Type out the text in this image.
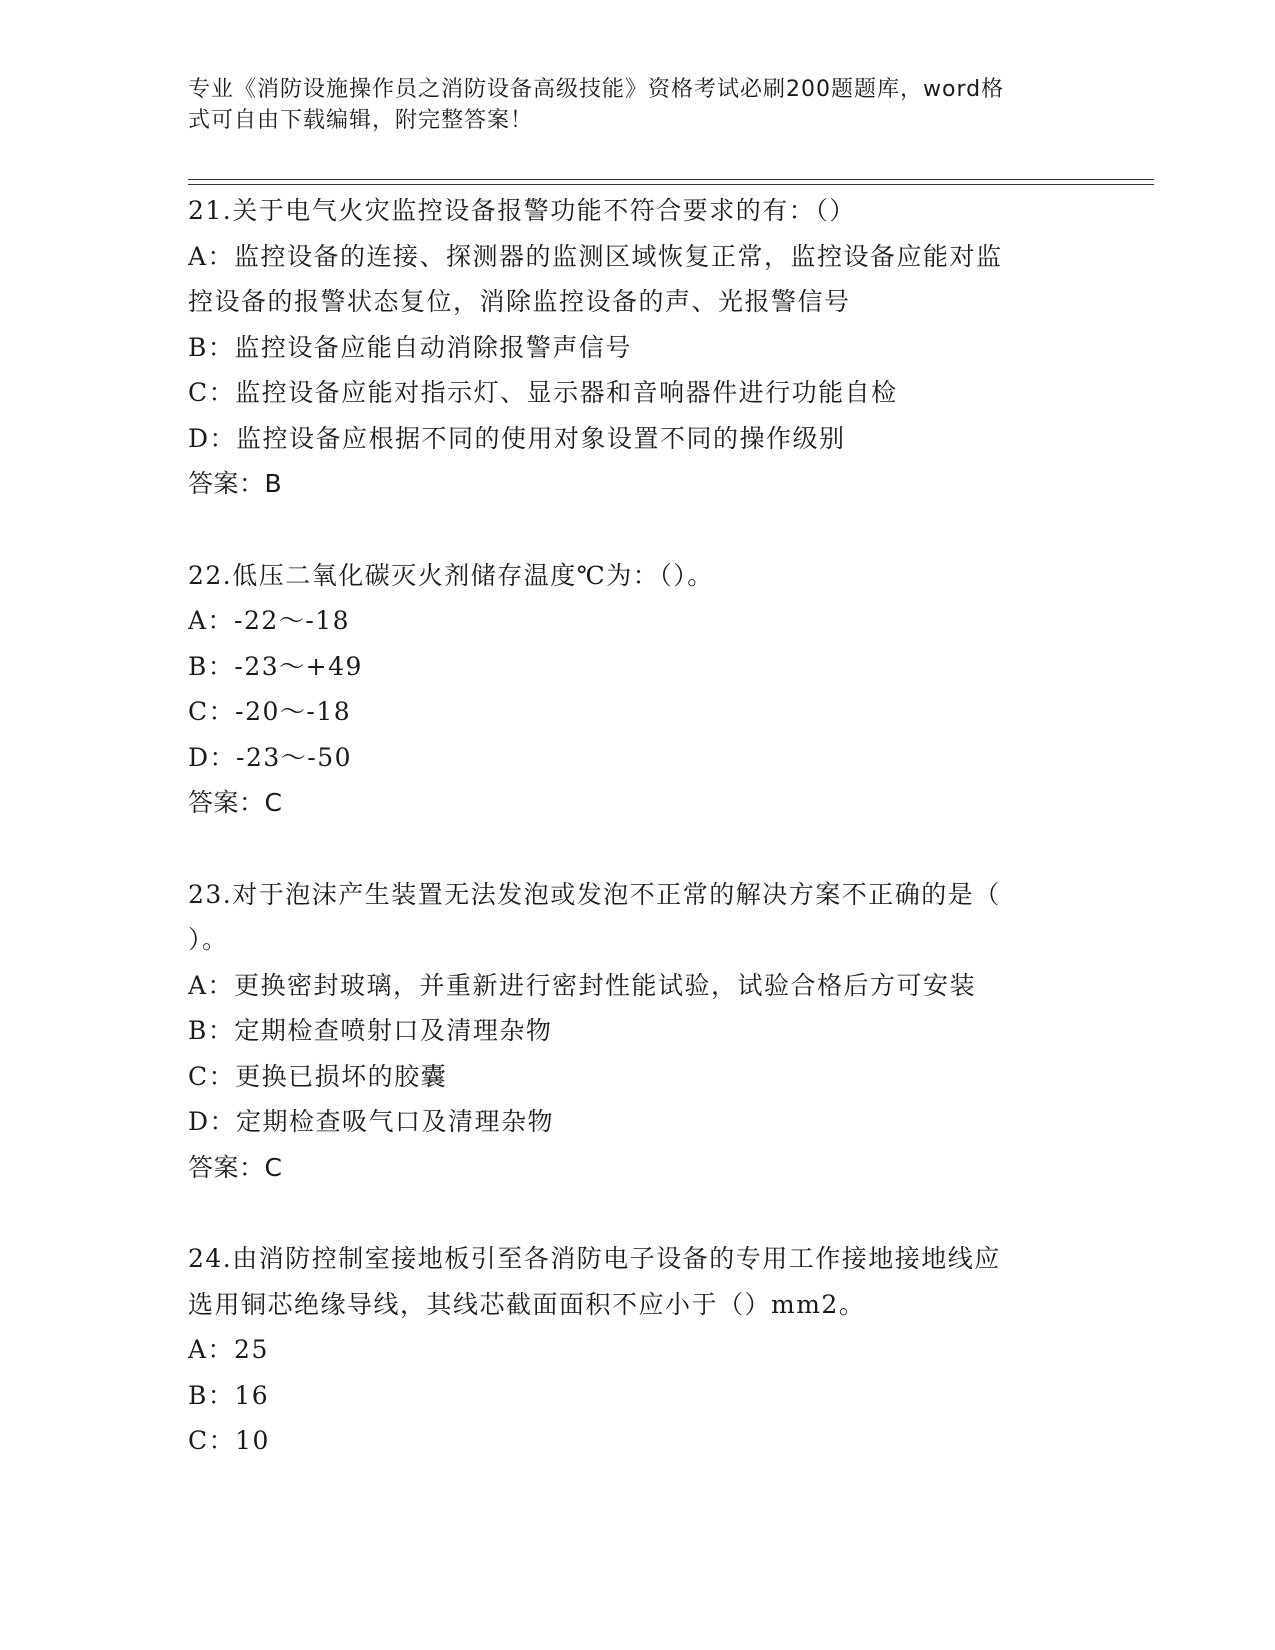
专业《消防设施操作员之消防设备高级技能》资格考试必刷200题题库，word格
式可自由下载编辑，附完整答案！
21.关于电气火灾监控设备报警功能不符合要求的有：（）
A：监控设备的连接、探测器的监测区域恢复正常，监控设备应能对监
控设备的报警状态复位，消除监控设备的声、光报警信号
B：监控设备应能自动消除报警声信号
C：监控设备应能对指示灯、显示器和音响器件进行功能自检
D：监控设备应根据不同的使用对象设置不同的操作级别
答案：B
22.低压二氧化碳灭火剂储存温度℃为：（）。
A：-22～-18
B：-23～+49
C：-20～-18
D：-23～-50
答案：C
23.对于泡沫产生装置无法发泡或发泡不正常的解决方案不正确的是（
）。
A：更换密封玻璃，并重新进行密封性能试验，试验合格后方可安装
B：定期检查喷射口及清理杂物
C：更换已损坏的胶囊
D：定期检查吸气口及清理杂物
答案：C
24.由消防控制室接地板引至各消防电子设备的专用工作接地接地线应
选用铜芯绝缘导线，其线芯截面面积不应小于（）mm2。
A：25
B：16
C：10
